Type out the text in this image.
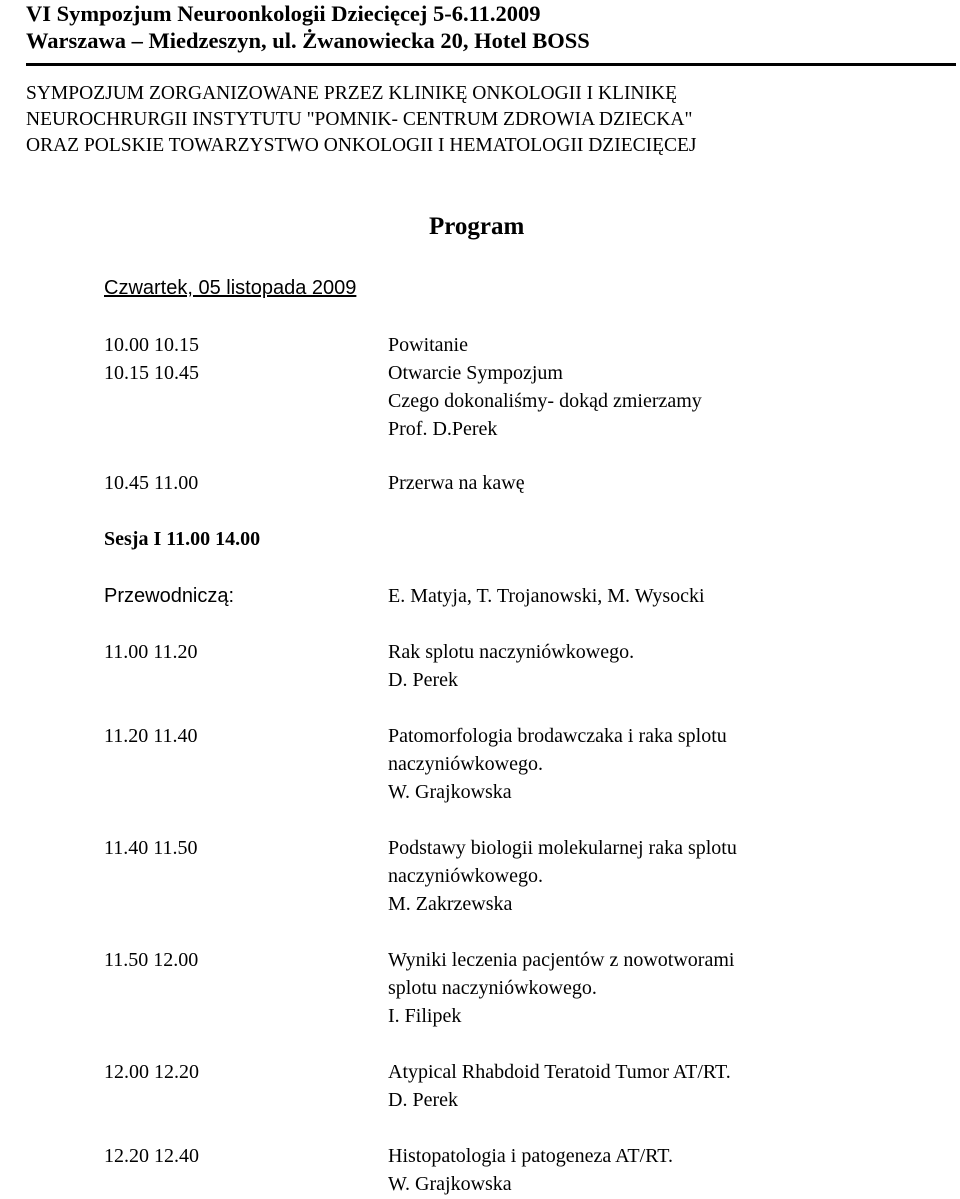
VI Sympozjum Neuroonkologii Dziecięcej 5-6.11.2009
Warszawa – Miedzeszyn, ul. Żwanowiecka 20, Hotel BOSS
SYMPOZJUM ZORGANIZOWANE PRZEZ KLINIKĘ ONKOLOGII I KLINIKĘ
NEUROCHRURGII INSTYTUTU "POMNIK- CENTRUM ZDROWIA DZIECKA"
ORAZ POLSKIE TOWARZYSTWO ONKOLOGII I HEMATOLOGII DZIECIĘCEJ
Program
Czwartek, 05 listopada 2009
10.00 10.15	Powitanie
10.15 10.45	Otwarcie Sympozjum
Czego dokonaliśmy- dokąd zmierzamy
Prof. D.Perek
10.45 11.00	Przerwa na kawę
Sesja I 11.00 14.00
Przewodniczą:	E. Matyja, T. Trojanowski, M. Wysocki
11.00 11.20	Rak splotu naczyniówkowego.
D. Perek
11.20 11.40	Patomorfologia brodawczaka i raka splotu
naczyniówkowego.
W. Grajkowska
11.40 11.50	Podstawy biologii molekularnej raka splotu
naczyniówkowego.
M. Zakrzewska
11.50 12.00	Wyniki leczenia pacjentów z nowotworami
splotu naczyniówkowego.
I. Filipek
12.00 12.20	Atypical Rhabdoid Teratoid Tumor AT/RT.
D. Perek
12.20 12.40	Histopatologia i patogeneza AT/RT.
W. Grajkowska
